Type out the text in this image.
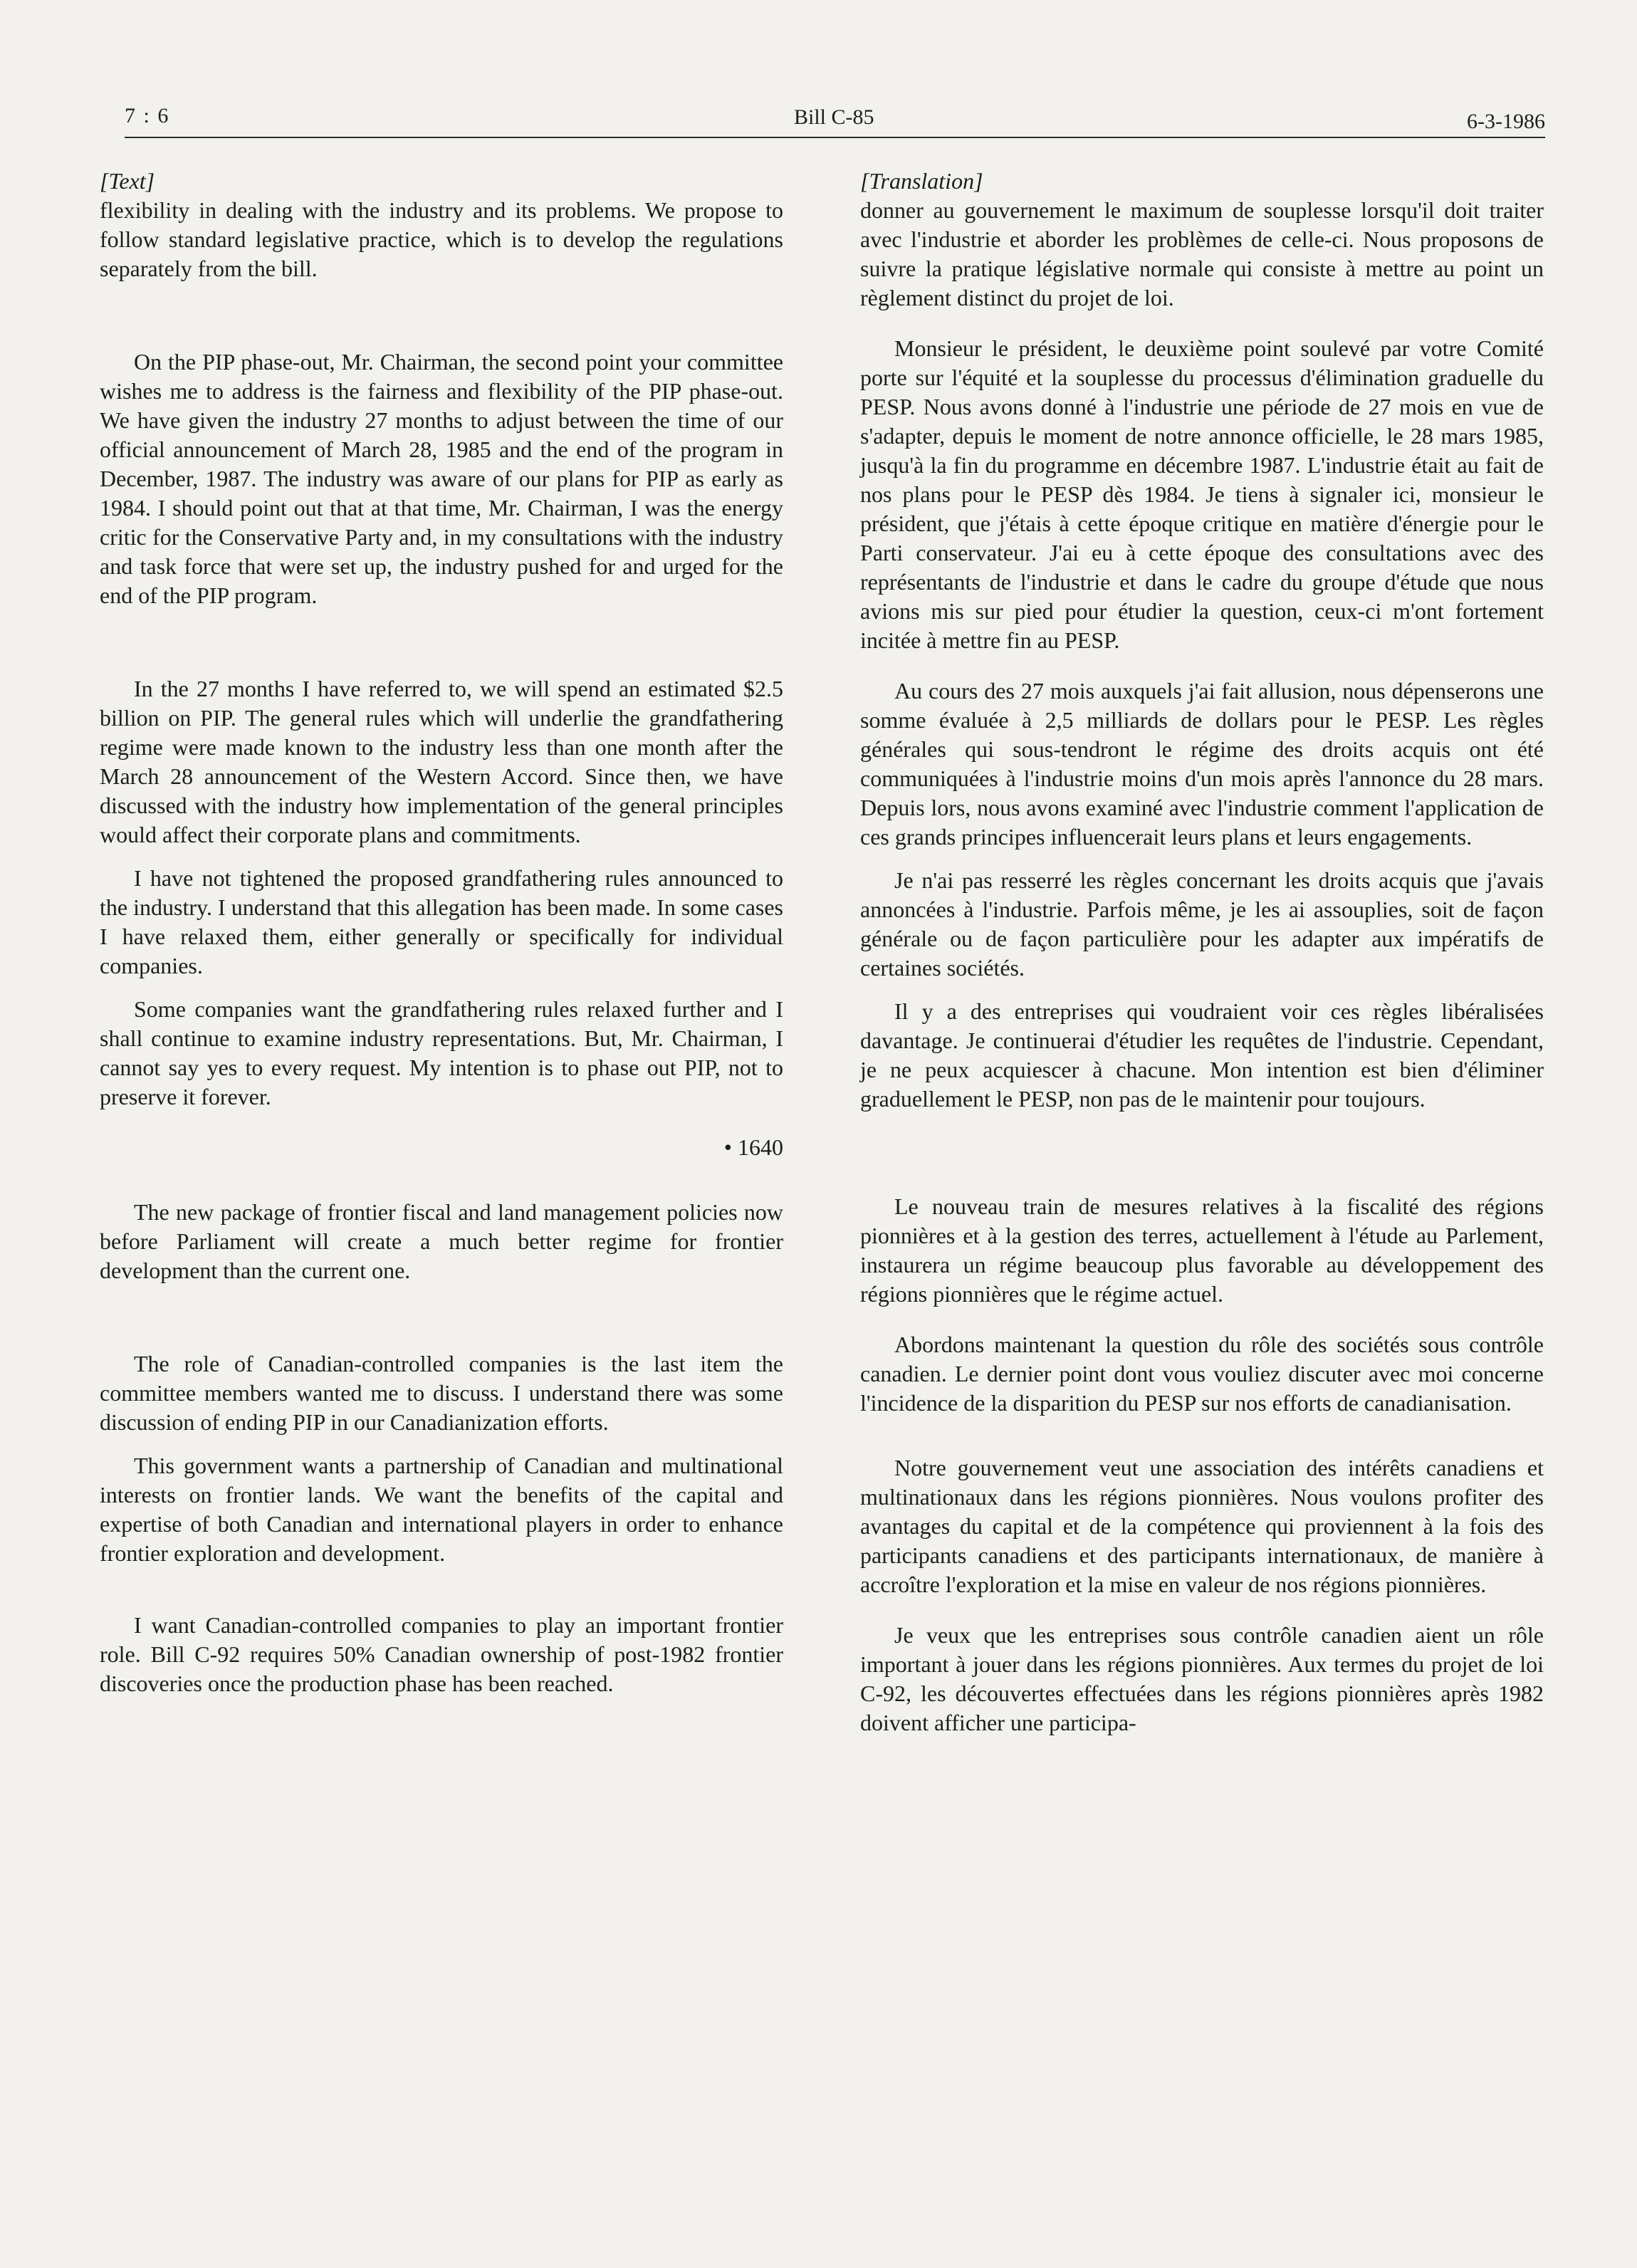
7 : 6	Bill C-85	6-3-1986

[Text]

flexibility in dealing with the industry and its problems. We propose to follow standard legislative practice, which is to develop the regulations separately from the bill.

On the PIP phase-out, Mr. Chairman, the second point your committee wishes me to address is the fairness and flexibility of the PIP phase-out. We have given the industry 27 months to adjust between the time of our official announcement of March 28, 1985 and the end of the program in December, 1987. The industry was aware of our plans for PIP as early as 1984. I should point out that at that time, Mr. Chairman, I was the energy critic for the Conservative Party and, in my consultations with the industry and task force that were set up, the industry pushed for and urged for the end of the PIP program.

In the 27 months I have referred to, we will spend an estimated $2.5 billion on PIP. The general rules which will underlie the grandfathering regime were made known to the industry less than one month after the March 28 announcement of the Western Accord. Since then, we have discussed with the industry how implementation of the general principles would affect their corporate plans and commitments.

I have not tightened the proposed grandfathering rules announced to the industry. I understand that this allegation has been made. In some cases I have relaxed them, either generally or specifically for individual companies.

Some companies want the grandfathering rules relaxed further and I shall continue to examine industry representations. But, Mr. Chairman, I cannot say yes to every request. My intention is to phase out PIP, not to preserve it forever.

• 1640

The new package of frontier fiscal and land management policies now before Parliament will create a much better regime for frontier development than the current one.

The role of Canadian-controlled companies is the last item the committee members wanted me to discuss. I understand there was some discussion of ending PIP in our Canadianization efforts.

This government wants a partnership of Canadian and multinational interests on frontier lands. We want the benefits of the capital and expertise of both Canadian and international players in order to enhance frontier exploration and development.

I want Canadian-controlled companies to play an important frontier role. Bill C-92 requires 50% Canadian ownership of post-1982 frontier discoveries once the production phase has been reached.

[Translation]

donner au gouvernement le maximum de souplesse lorsqu'il doit traiter avec l'industrie et aborder les problèmes de celle-ci. Nous proposons de suivre la pratique législative normale qui consiste à mettre au point un règlement distinct du projet de loi.

Monsieur le président, le deuxième point soulevé par votre Comité porte sur l'équité et la souplesse du processus d'élimination graduelle du PESP. Nous avons donné à l'industrie une période de 27 mois en vue de s'adapter, depuis le moment de notre annonce officielle, le 28 mars 1985, jusqu'à la fin du programme en décembre 1987. L'industrie était au fait de nos plans pour le PESP dès 1984. Je tiens à signaler ici, monsieur le président, que j'étais à cette époque critique en matière d'énergie pour le Parti conservateur. J'ai eu à cette époque des consultations avec des représentants de l'industrie et dans le cadre du groupe d'étude que nous avions mis sur pied pour étudier la question, ceux-ci m'ont fortement incitée à mettre fin au PESP.

Au cours des 27 mois auxquels j'ai fait allusion, nous dépenserons une somme évaluée à 2,5 milliards de dollars pour le PESP. Les règles générales qui sous-tendront le régime des droits acquis ont été communiquées à l'industrie moins d'un mois après l'annonce du 28 mars. Depuis lors, nous avons examiné avec l'industrie comment l'application de ces grands principes influencerait leurs plans et leurs engagements.

Je n'ai pas resserré les règles concernant les droits acquis que j'avais annoncées à l'industrie. Parfois même, je les ai assouplies, soit de façon générale ou de façon particulière pour les adapter aux impératifs de certaines sociétés.

Il y a des entreprises qui voudraient voir ces règles libéralisées davantage. Je continuerai d'étudier les requêtes de l'industrie. Cependant, je ne peux acquiescer à chacune. Mon intention est bien d'éliminer graduellement le PESP, non pas de le maintenir pour toujours.

Le nouveau train de mesures relatives à la fiscalité des régions pionnières et à la gestion des terres, actuellement à l'étude au Parlement, instaurera un régime beaucoup plus favorable au développement des régions pionnières que le régime actuel.

Abordons maintenant la question du rôle des sociétés sous contrôle canadien. Le dernier point dont vous vouliez discuter avec moi concerne l'incidence de la disparition du PESP sur nos efforts de canadianisation.

Notre gouvernement veut une association des intérêts canadiens et multinationaux dans les régions pionnières. Nous voulons profiter des avantages du capital et de la compétence qui proviennent à la fois des participants canadiens et des participants internationaux, de manière à accroître l'exploration et la mise en valeur de nos régions pionnières.

Je veux que les entreprises sous contrôle canadien aient un rôle important à jouer dans les régions pionnières. Aux termes du projet de loi C-92, les découvertes effectuées dans les régions pionnières après 1982 doivent afficher une participa-
